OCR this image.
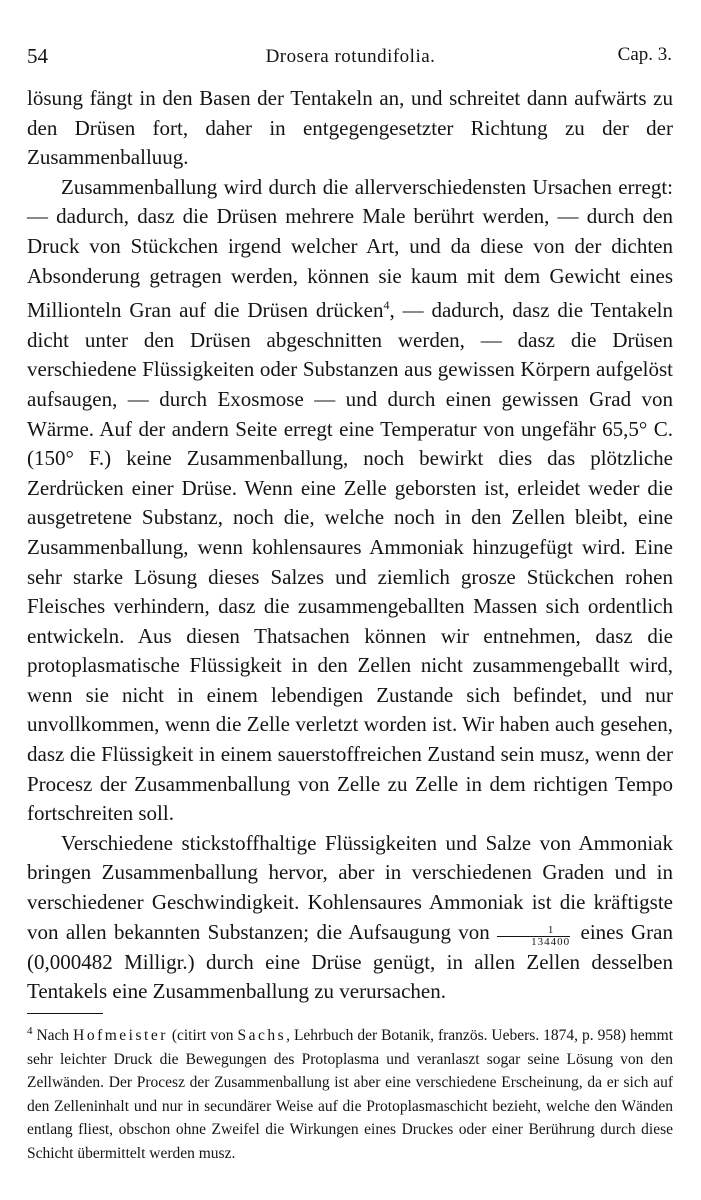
54	Drosera rotundifolia.	Cap. 3.

lösung fängt in den Basen der Tentakeln an, und schreitet dann aufwärts zu den Drüsen fort, daher in entgegengesetzter Richtung zu der der Zusammenballuug.

Zusammenballung wird durch die allerverschiedensten Ursachen erregt: — dadurch, dasz die Drüsen mehrere Male berührt werden, — durch den Druck von Stückchen irgend welcher Art, und da diese von der dichten Absonderung getragen werden, können sie kaum mit dem Gewicht eines Millionteln Gran auf die Drüsen drücken$^4$, — dadurch, dasz die Tentakeln dicht unter den Drüsen abgeschnitten werden, — dasz die Drüsen verschiedene Flüssigkeiten oder Substanzen aus gewissen Körpern aufgelöst aufsaugen, — durch Exosmose — und durch einen gewissen Grad von Wärme. Auf der andern Seite erregt eine Temperatur von ungefähr 65,5° C. (150° F.) keine Zusammenballung, noch bewirkt dies das plötzliche Zerdrücken einer Drüse. Wenn eine Zelle geborsten ist, erleidet weder die ausgetretene Substanz, noch die, welche noch in den Zellen bleibt, eine Zusammenballung, wenn kohlensaures Ammoniak hinzugefügt wird. Eine sehr starke Lösung dieses Salzes und ziemlich grosze Stückchen rohen Fleisches verhindern, dasz die zusammengeballten Massen sich ordentlich entwickeln. Aus diesen Thatsachen können wir entnehmen, dasz die protoplasmatische Flüssigkeit in den Zellen nicht zusammengeballt wird, wenn sie nicht in einem lebendigen Zustande sich befindet, und nur unvollkommen, wenn die Zelle verletzt worden ist. Wir haben auch gesehen, dasz die Flüssigkeit in einem sauerstoffreichen Zustand sein musz, wenn der Procesz der Zusammenballung von Zelle zu Zelle in dem richtigen Tempo fortschreiten soll.

Verschiedene stickstoffhaltige Flüssigkeiten und Salze von Ammoniak bringen Zusammenballung hervor, aber in verschiedenen Graden und in verschiedener Geschwindigkeit. Kohlensaures Ammoniak ist die kräftigste von allen bekannten Substanzen; die Aufsaugung von $\frac{1}{134400}$ eines Gran (0,000482 Milligr.) durch eine Drüse genügt, in allen Zellen desselben Tentakels eine Zusammenballung zu verursachen.

$^4$ Nach Hofmeister (citirt von Sachs, Lehrbuch der Botanik, französ. Uebers. 1874, p. 958) hemmt sehr leichter Druck die Bewegungen des Protoplasma und veranlaszt sogar seine Lösung von den Zellwänden. Der Procesz der Zusammenballung ist aber eine verschiedene Erscheinung, da er sich auf den Zelleninhalt und nur in secundärer Weise auf die Protoplasmaschicht bezieht, welche den Wänden entlang fliest, obschon ohne Zweifel die Wirkungen eines Druckes oder einer Berührung durch diese Schicht übermittelt werden musz.
